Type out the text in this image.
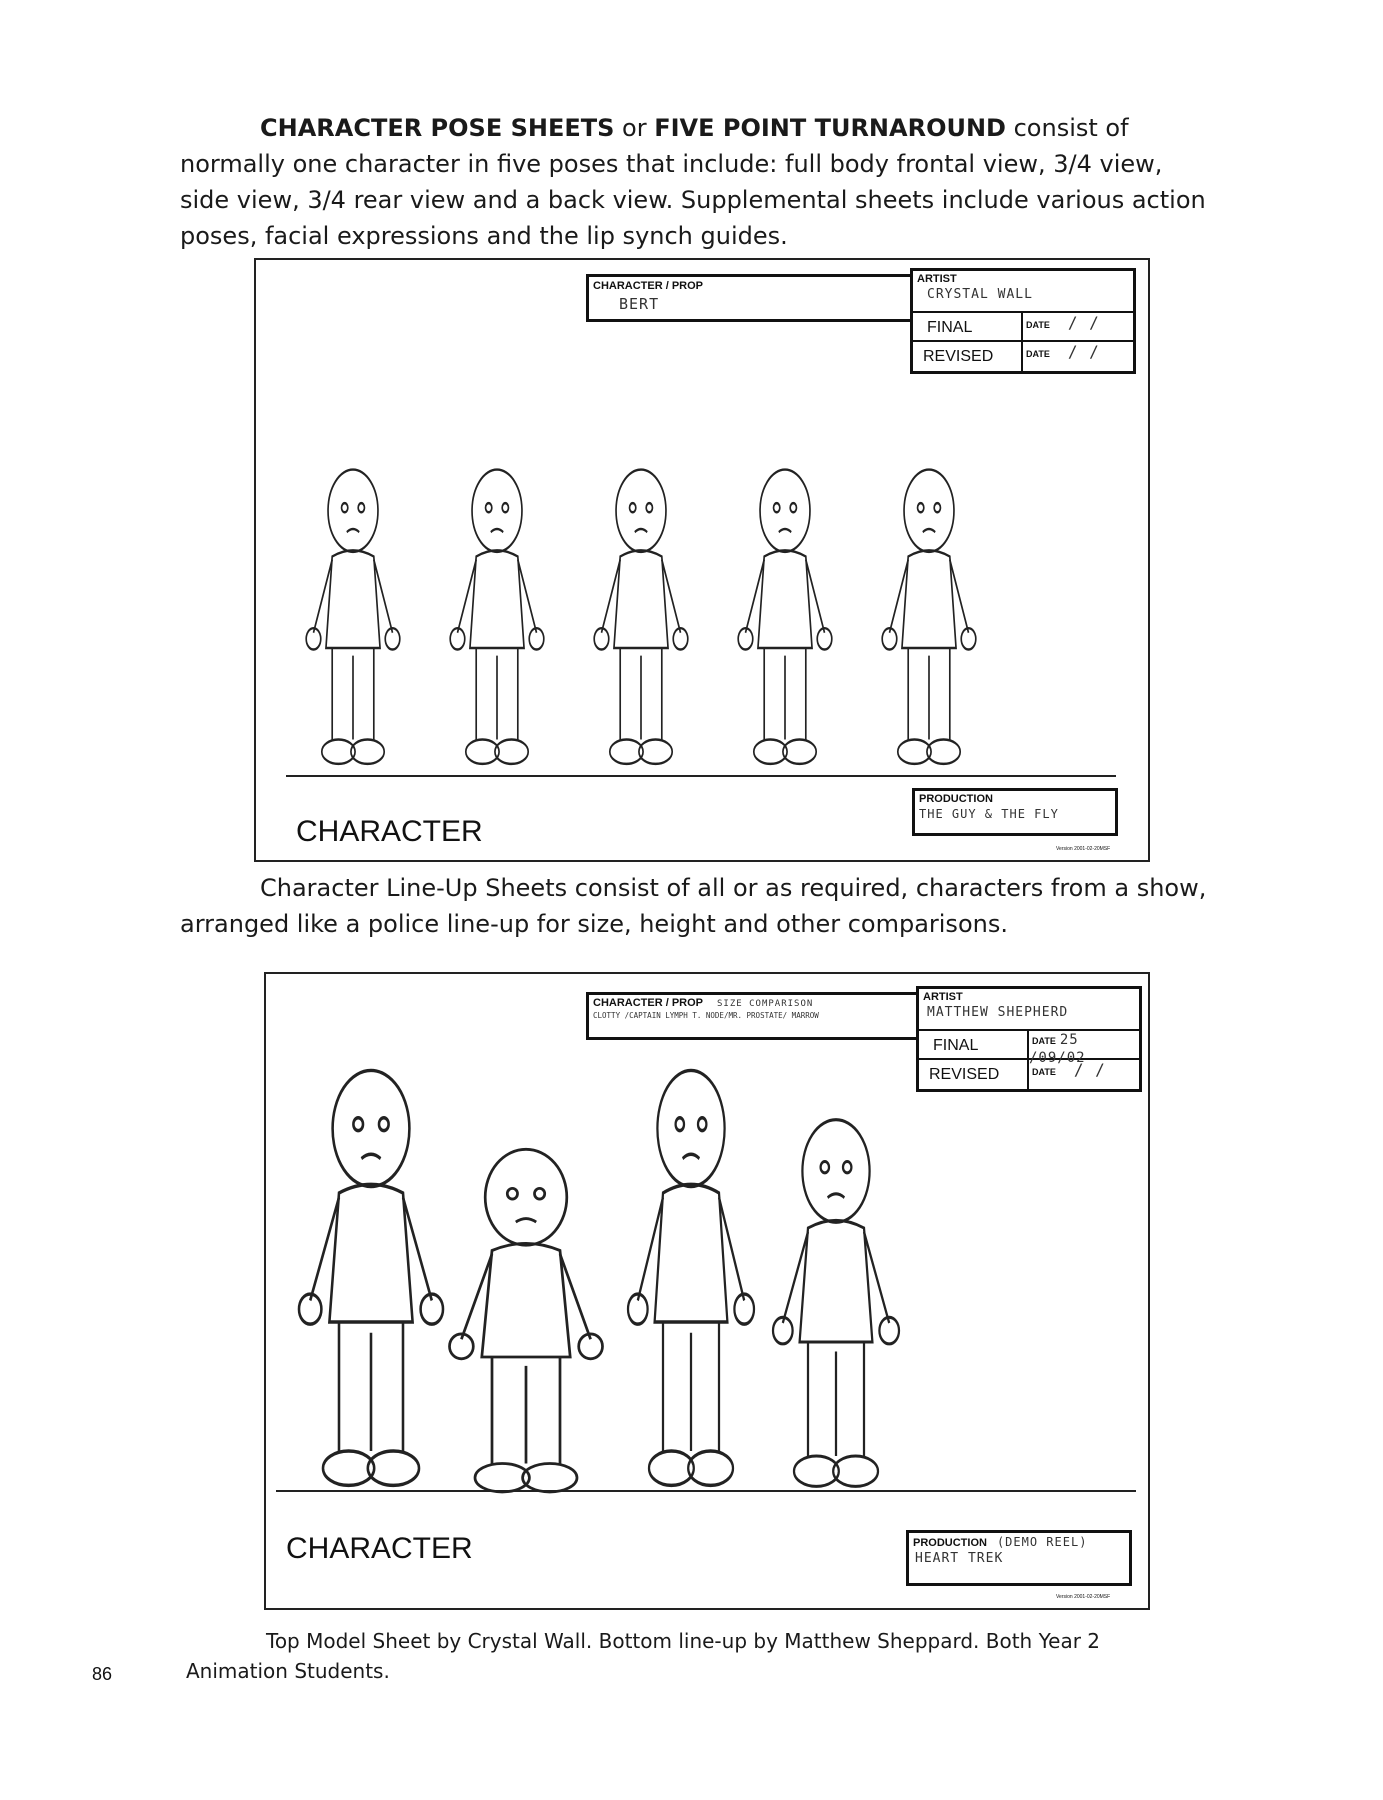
CHARACTER POSE SHEETS or FIVE POINT TURNAROUND consist of normally one character in five poses that include: full body frontal view, 3/4 view, side view, 3/4 rear view and a back view. Supplemental sheets include various action poses, facial expressions and the lip synch guides.
CHARACTER / PROP
BERT
ARTIST
CRYSTAL WALL
FINAL	DATE / /
REVISED	DATE / /
CHARACTER
PRODUCTION
THE GUY & THE FLY
Version 2001-02-20MSF
Character Line-Up Sheets consist of all or as required, characters from a show, arranged like a police line-up for size, height and other comparisons.
CHARACTER / PROP SIZE COMPARISON
CLOTTY /CAPTAIN LYMPH T. NODE/MR. PROSTATE/ MARROW
ARTIST
MATTHEW SHEPHERD
FINAL	DATE 25 /09/02
REVISED	DATE / /
CHARACTER	PRODUCTION (DEMO REEL)
HEART TREK
Version 2001-02-20MSF
Top Model Sheet by Crystal Wall. Bottom line-up by Matthew Sheppard. Both Year 2 Animation Students.
86
